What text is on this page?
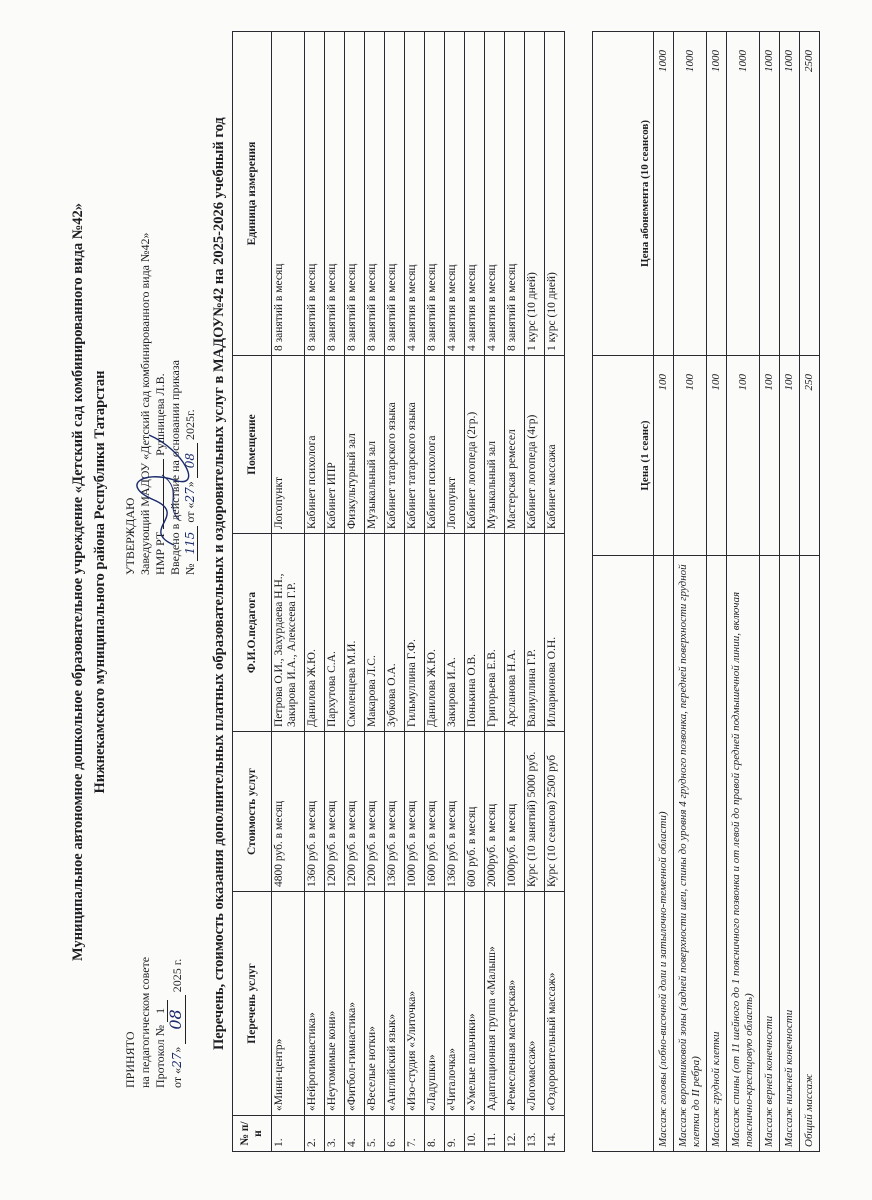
Муниципальное автономное дошкольное образовательное учреждение «Детский сад комбинированного вида №42» Нижнекамского муниципального района Республики Татарстан
ПРИНЯТО на педагогическом совете Протокол № 1
от «27» 08 2025 г.
УТВЕРЖДАЮ Заведующий МАДОУ «Детский сад комбинированного вида №42» НМР РТ  Рушницева Л.В. Введено в действие на основании приказа № 115 от «27» 08 2025г. Перечень, стоимость оказания дополнительных платных образовательных и оздоровительных услуг в МАДОУ№42 на 2025-2026 учебный год
№ п/н	Перечень услуг	Стоимость услуг	Ф.И.О.педагога	Помещение	Единица измерения
1.	«Мини-центр»	4800 руб. в месяц	Петрова О.И., Захурдаева Н.Н., Закирова И.А., Алексеева Г.Р.	Логопункт	8 занятий в месяц
2.	«Нейрогимнастика»	1360 руб. в месяц	Данилова Ж.Ю.	Кабинет психолога	8 занятий в месяц
3.	«Неутомимые кони»	1200 руб. в месяц	Пархутова С.А.	Кабинет ИПР	8 занятий в месяц
4.	«Фитбол-гимнастика»	1200 руб. в месяц	Смоленцева М.И.	Физкультурный зал	8 занятий в месяц
5.	«Веселые нотки»	1200 руб. в месяц	Макарова Л.С.	Музыкальный зал	8 занятий в месяц
6.	«Английский язык»	1360 руб. в месяц	Зубкова О.А.	Кабинет татарского языка	8 занятий в месяц
7.	«Изо-студия «Улиточка»	1000 руб. в месяц	Гильмуллина Г.Ф.	Кабинет татарского языка	4 занятия в месяц
8.	«Ладушки»	1600 руб. в месяц	Данилова Ж.Ю.	Кабинет психолога	8 занятий в месяц
9.	«Читалочка»	1360 руб. в месяц	Закирова И.А.	Логопункт	4 занятия в месяц
10.	«Умелые пальчики»	600 руб. в месяц	Понькина О.В.	Кабинет логопеда (2гр.)	4 занятия в месяц
11.	Адаптационная группа «Малыш»	2000руб. в месяц	Григорьева Е.В.	Музыкальный зал	4 занятия в месяц
12.	«Ремесленная мастерская»	1000руб. в месяц	Арсланова Н.А.	Мастерская ремесел	8 занятий в месяц
13.	«Логомассаж»	Курс (10 занятий) 5000 руб.	Валиуллина Г.Р.	Кабинет логопеда (4гр)	1 курс (10 дней)
14.	«Оздоровительный массаж»	Курс (10 сеансов) 2500 руб	Илларионова О.Н.	Кабинет массажа	1 курс (10 дней)
	Цена (1 сеанс)	Цена абонемента (10 сеансов)
Массаж головы (лобно-височной доли и затылочно-теменной области)	100	1000
Массаж воротниковой зоны (задней поверхности шеи, спины до уровня 4 грудного позвонка, передней поверхности грудной клетки до II ребра)	100	1000
Массаж грудной клетки	100	1000
Массаж спины (от 11 шейного до 1 поясничного позвонка и от левой до правой средней подмышечной линии, включая пояснично-крестцовую область)	100	1000
Массаж верней конечности	100	1000
Массаж нижней конечности	100	1000
Общий массаж	250	2500
